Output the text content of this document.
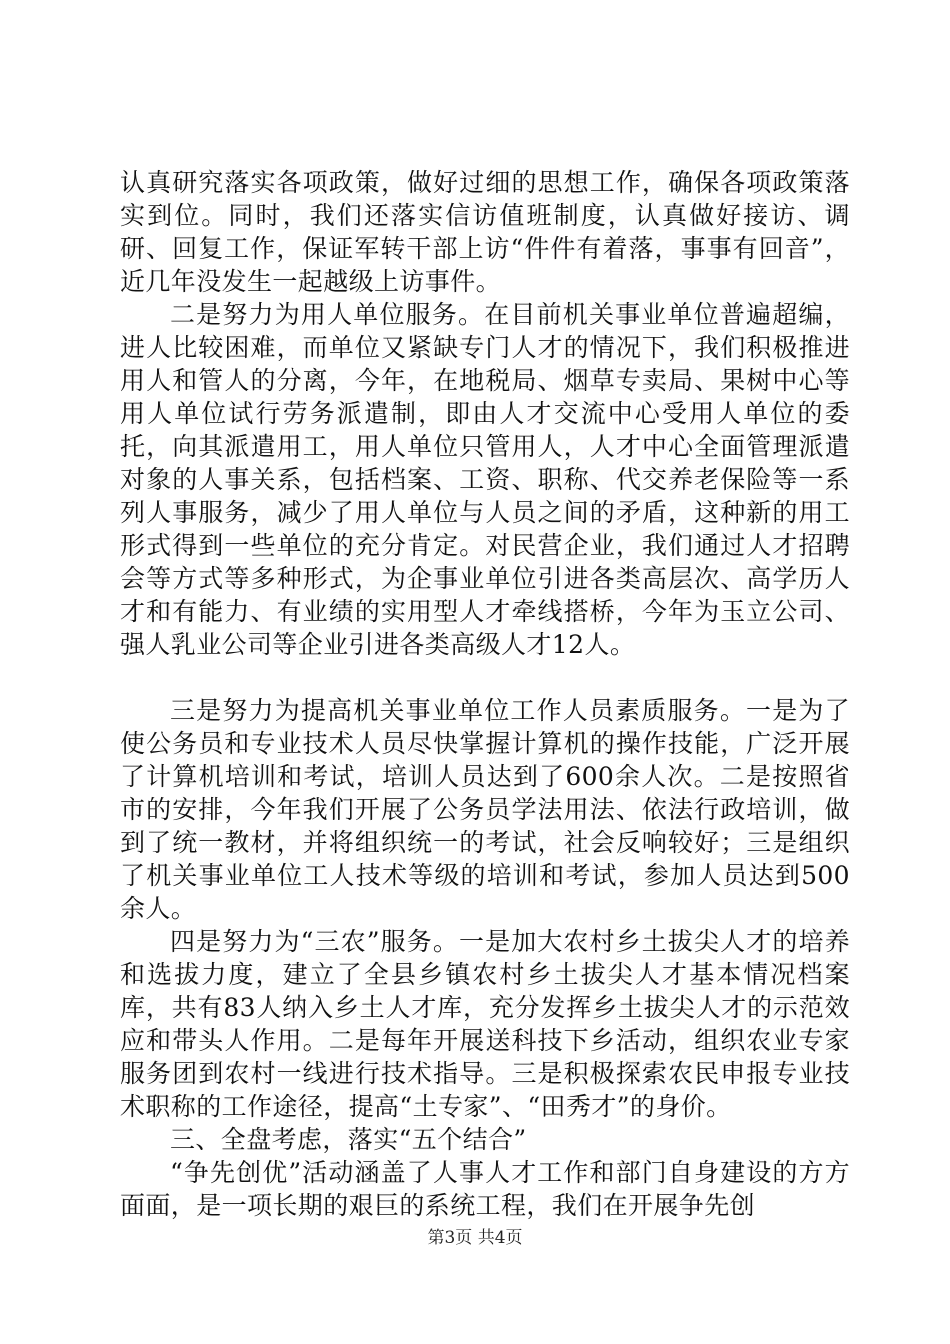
认真研究落实各项政策，做好过细的思想工作，确保各项政策落实到位。同时，我们还落实信访值班制度，认真做好接访、调研、回复工作，保证军转干部上访“件件有着落，事事有回音”，近几年没发生一起越级上访事件。

二是努力为用人单位服务。在目前机关事业单位普遍超编，进人比较困难，而单位又紧缺专门人才的情况下，我们积极推进用人和管人的分离，今年，在地税局、烟草专卖局、果树中心等用人单位试行劳务派遣制，即由人才交流中心受用人单位的委托，向其派遣用工，用人单位只管用人，人才中心全面管理派遣对象的人事关系，包括档案、工资、职称、代交养老保险等一系列人事服务，减少了用人单位与人员之间的矛盾，这种新的用工形式得到一些单位的充分肯定。对民营企业，我们通过人才招聘会等方式等多种形式，为企事业单位引进各类高层次、高学历人才和有能力、有业绩的实用型人才牵线搭桥，今年为玉立公司、强人乳业公司等企业引进各类高级人才12人。

三是努力为提高机关事业单位工作人员素质服务。一是为了使公务员和专业技术人员尽快掌握计算机的操作技能，广泛开展了计算机培训和考试，培训人员达到了600余人次。二是按照省市的安排，今年我们开展了公务员学法用法、依法行政培训，做到了统一教材，并将组织统一的考试，社会反响较好；三是组织了机关事业单位工人技术等级的培训和考试，参加人员达到500余人。

四是努力为“三农”服务。一是加大农村乡土拔尖人才的培养和选拔力度，建立了全县乡镇农村乡土拔尖人才基本情况档案库，共有83人纳入乡土人才库，充分发挥乡土拔尖人才的示范效应和带头人作用。二是每年开展送科技下乡活动，组织农业专家服务团到农村一线进行技术指导。三是积极探索农民申报专业技术职称的工作途径，提高“土专家”、“田秀才”的身价。

三、全盘考虑，落实“五个结合”

“争先创优”活动涵盖了人事人才工作和部门自身建设的方方面面，是一项长期的艰巨的系统工程，我们在开展争先创

第3页 共4页
